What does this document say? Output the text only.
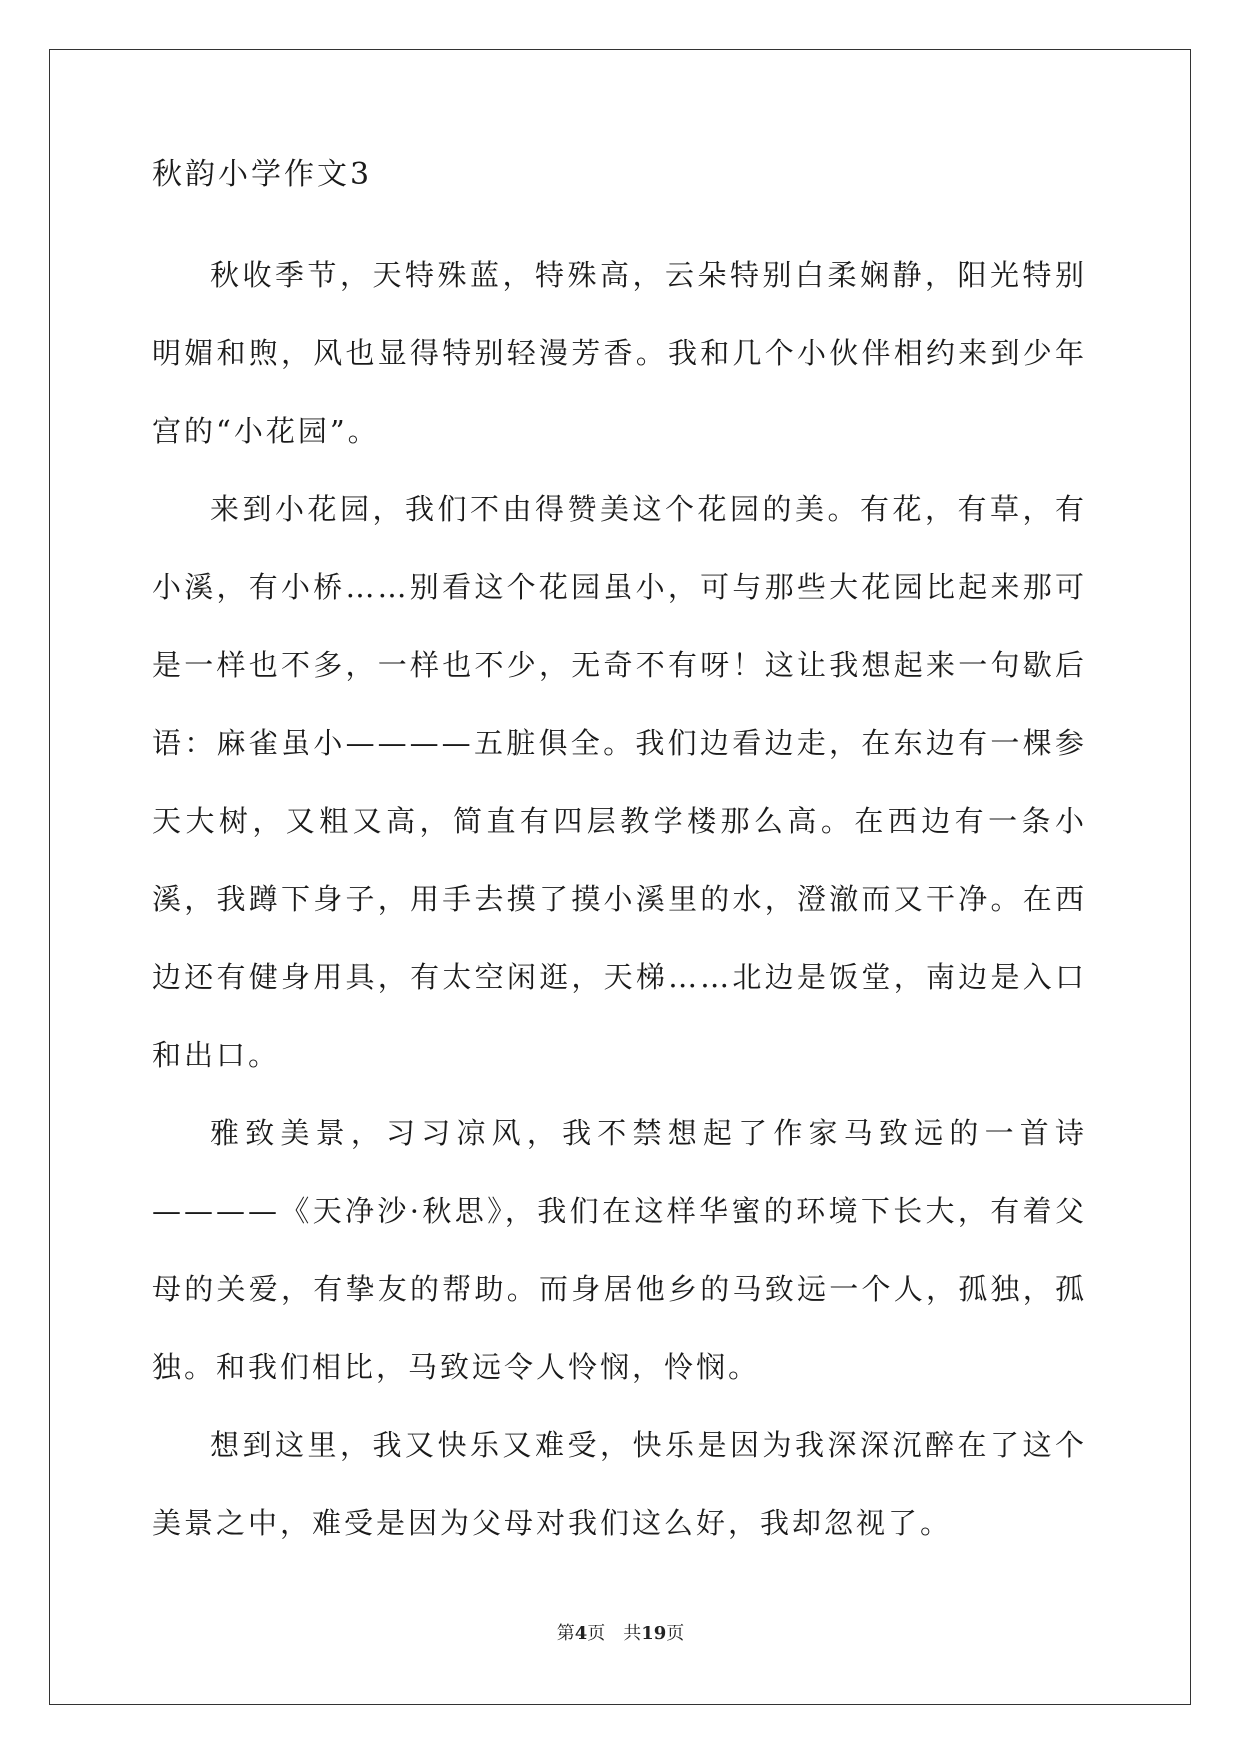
秋韵小学作文3

秋收季节，天特殊蓝，特殊高，云朵特别白柔娴静，阳光特别明媚和煦，风也显得特别轻漫芳香。我和几个小伙伴相约来到少年宫的“小花园”。

来到小花园，我们不由得赞美这个花园的美。有花，有草，有小溪，有小桥……别看这个花园虽小，可与那些大花园比起来那可是一样也不多，一样也不少，无奇不有呀！这让我想起来一句歇后语：麻雀虽小————五脏俱全。我们边看边走，在东边有一棵参天大树，又粗又高，简直有四层教学楼那么高。在西边有一条小溪，我蹲下身子，用手去摸了摸小溪里的水，澄澈而又干净。在西边还有健身用具，有太空闲逛，天梯……北边是饭堂，南边是入口和出口。

雅致美景，习习凉风，我不禁想起了作家马致远的一首诗————《天净沙·秋思》，我们在这样华蜜的环境下长大，有着父母的关爱，有挚友的帮助。而身居他乡的马致远一个人，孤独，孤独。和我们相比，马致远令人怜悯，怜悯。

想到这里，我又快乐又难受，快乐是因为我深深沉醉在了这个美景之中，难受是因为父母对我们这么好，我却忽视了。

第4页 共19页
